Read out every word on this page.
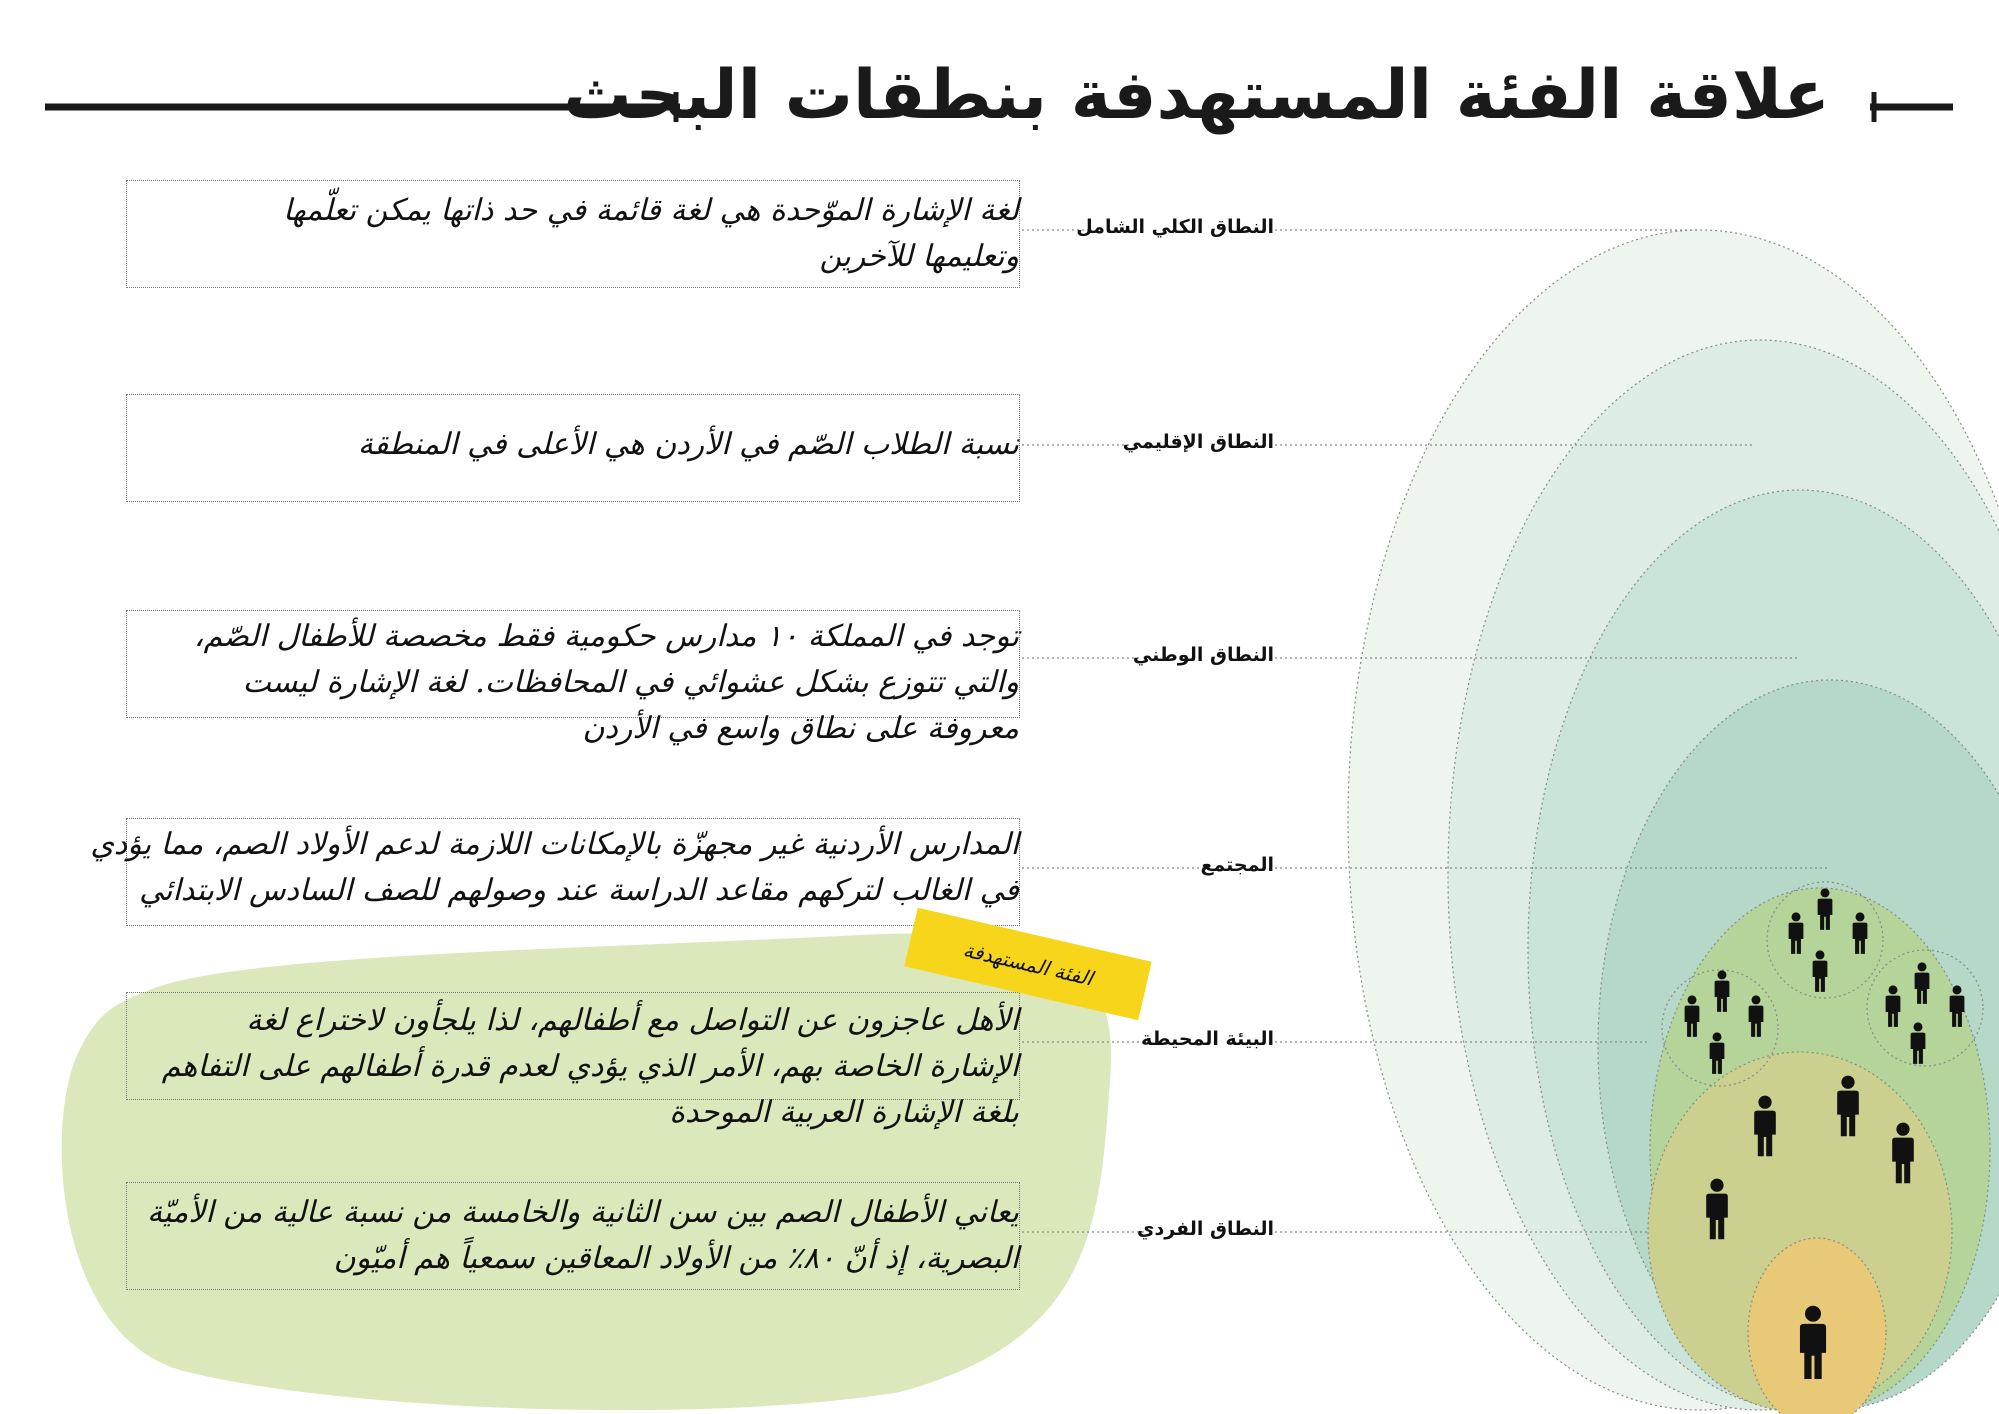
علاقة الفئة المستهدفة بنطقات البحث
النطاق الكلي الشامل
النطاق الإقليمي
النطاق الوطني
المجتمع
البيئة المحيطة
النطاق الفردي
لغة الإشارة الموّحدة هي لغة قائمة في حد ذاتها يمكن تعلّمها وتعليمها للآخرين
نسبة الطلاب الصّم في الأردن هي الأعلى في المنطقة
توجد في المملكة ١٠ مدارس حكومية فقط مخصصة للأطفال الصّم، والتي تتوزع بشكل عشوائي في المحافظات. لغة الإشارة ليست معروفة على نطاق واسع في الأردن
المدارس الأردنية غير مجهزّة بالإمكانات اللازمة لدعم الأولاد الصم، مما يؤدي في الغالب لتركهم مقاعد الدراسة عند وصولهم للصف السادس الابتدائي
الأهل عاجزون عن التواصل مع أطفالهم، لذا يلجأون لاختراع لغة الإشارة الخاصة بهم، الأمر الذي يؤدي لعدم قدرة أطفالهم على التفاهم بلغة الإشارة العربية الموحدة
يعاني الأطفال الصم بين سن الثانية والخامسة من نسبة عالية من الأميّة البصرية، إذ أنّ ٨٠٪ من الأولاد المعاقين سمعياً هم أميّون
الفئة المستهدفة
